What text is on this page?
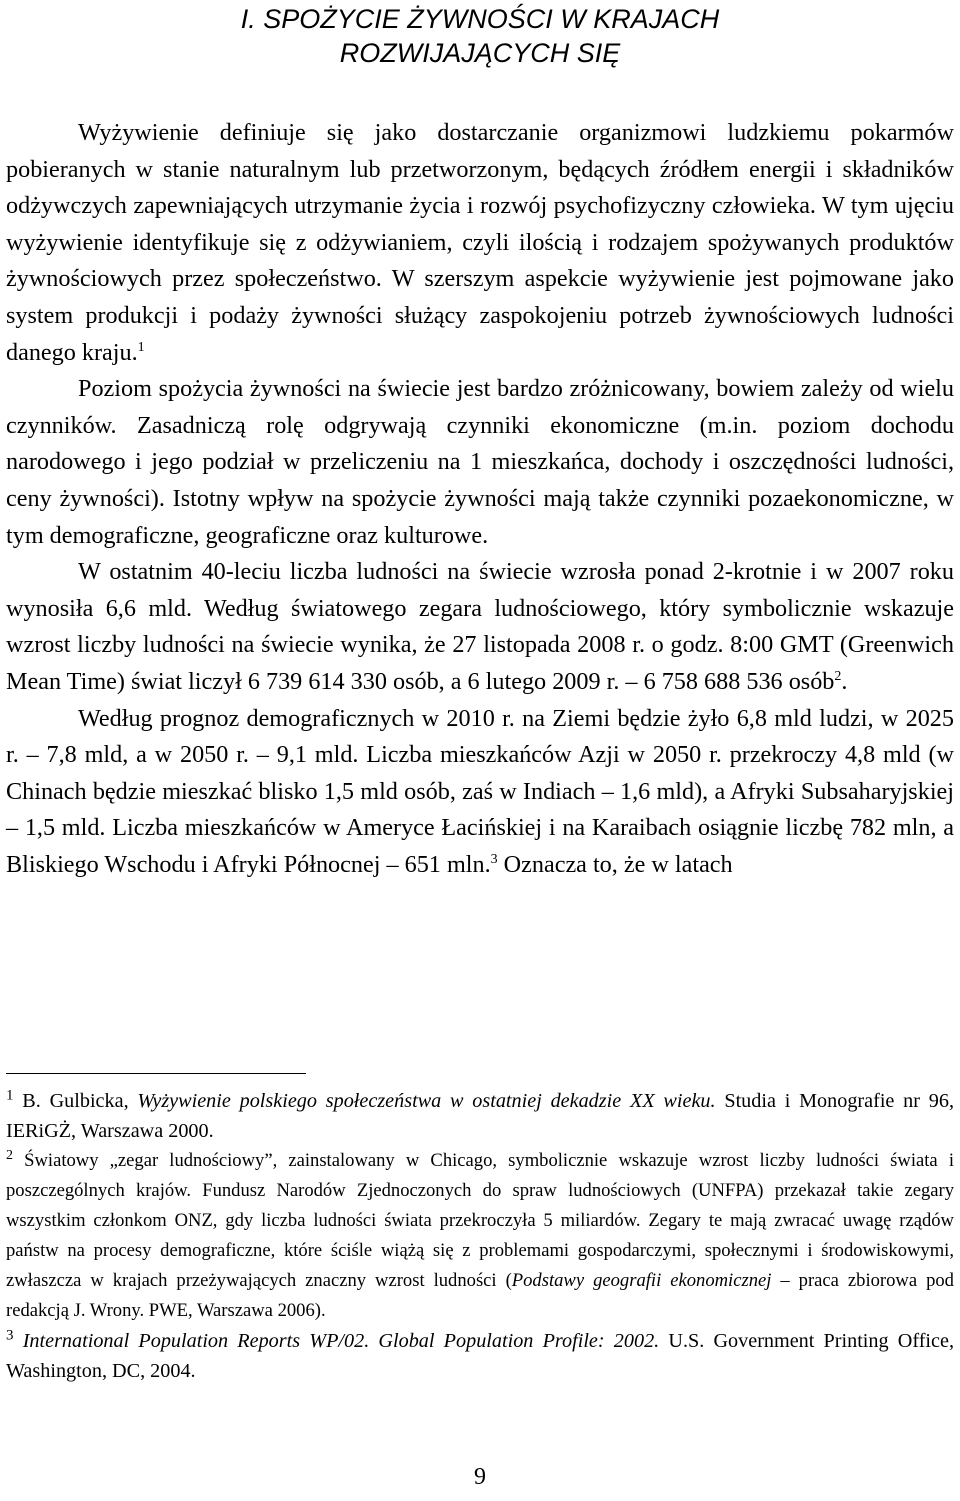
I. SPOŻYCIE ŻYWNOŚCI W KRAJACH
ROZWIJAJĄCYCH SIĘ

Wyżywienie definiuje się jako dostarczanie organizmowi ludzkiemu pokarmów pobieranych w stanie naturalnym lub przetworzonym, będących źródłem energii i składników odżywczych zapewniających utrzymanie życia i rozwój psychofizyczny człowieka. W tym ujęciu wyżywienie identyfikuje się z odżywianiem, czyli ilością i rodzajem spożywanych produktów żywnościowych przez społeczeństwo. W szerszym aspekcie wyżywienie jest pojmowane jako system produkcji i podaży żywności służący zaspokojeniu potrzeb żywnościowych ludności danego kraju.$^1$

Poziom spożycia żywności na świecie jest bardzo zróżnicowany, bowiem zależy od wielu czynników. Zasadniczą rolę odgrywają czynniki ekonomiczne (m.in. poziom dochodu narodowego i jego podział w przeliczeniu na 1 mieszkańca, dochody i oszczędności ludności, ceny żywności). Istotny wpływ na spożycie żywności mają także czynniki pozaekonomiczne, w tym demograficzne, geograficzne oraz kulturowe.

W ostatnim 40-leciu liczba ludności na świecie wzrosła ponad 2-krotnie i w 2007 roku wynosiła 6,6 mld. Według światowego zegara ludnościowego, który symbolicznie wskazuje wzrost liczby ludności na świecie wynika, że 27 listopada 2008 r. o godz. 8:00 GMT (Greenwich Mean Time) świat liczył 6 739 614 330 osób, a 6 lutego 2009 r. – 6 758 688 536 osób$^2$.

Według prognoz demograficznych w 2010 r. na Ziemi będzie żyło 6,8 mld ludzi, w 2025 r. – 7,8 mld, a w 2050 r. – 9,1 mld. Liczba mieszkańców Azji w 2050 r. przekroczy 4,8 mld (w Chinach będzie mieszkać blisko 1,5 mld osób, zaś w Indiach – 1,6 mld), a Afryki Subsaharyjskiej – 1,5 mld. Liczba mieszkańców w Ameryce Łacińskiej i na Karaibach osiągnie liczbę 782 mln, a Bliskiego Wschodu i Afryki Północnej – 651 mln.$^3$ Oznacza to, że w latach

$^1$ B. Gulbicka, Wyżywienie polskiego społeczeństwa w ostatniej dekadzie XX wieku. Studia i Monografie nr 96, IERiGŻ, Warszawa 2000.

$^2$ Światowy „zegar ludnościowy”, zainstalowany w Chicago, symbolicznie wskazuje wzrost liczby ludności świata i poszczególnych krajów. Fundusz Narodów Zjednoczonych do spraw ludnościowych (UNFPA) przekazał takie zegary wszystkim członkom ONZ, gdy liczba ludności świata przekroczyła 5 miliardów. Zegary te mają zwracać uwagę rządów państw na procesy demograficzne, które ściśle wiążą się z problemami gospodarczymi, społecznymi i środowiskowymi, zwłaszcza w krajach przeżywających znaczny wzrost ludności (Podstawy geografii ekonomicznej – praca zbiorowa pod redakcją J. Wrony. PWE, Warszawa 2006).

$^3$ International Population Reports WP/02. Global Population Profile: 2002. U.S. Government Printing Office, Washington, DC, 2004.

9
